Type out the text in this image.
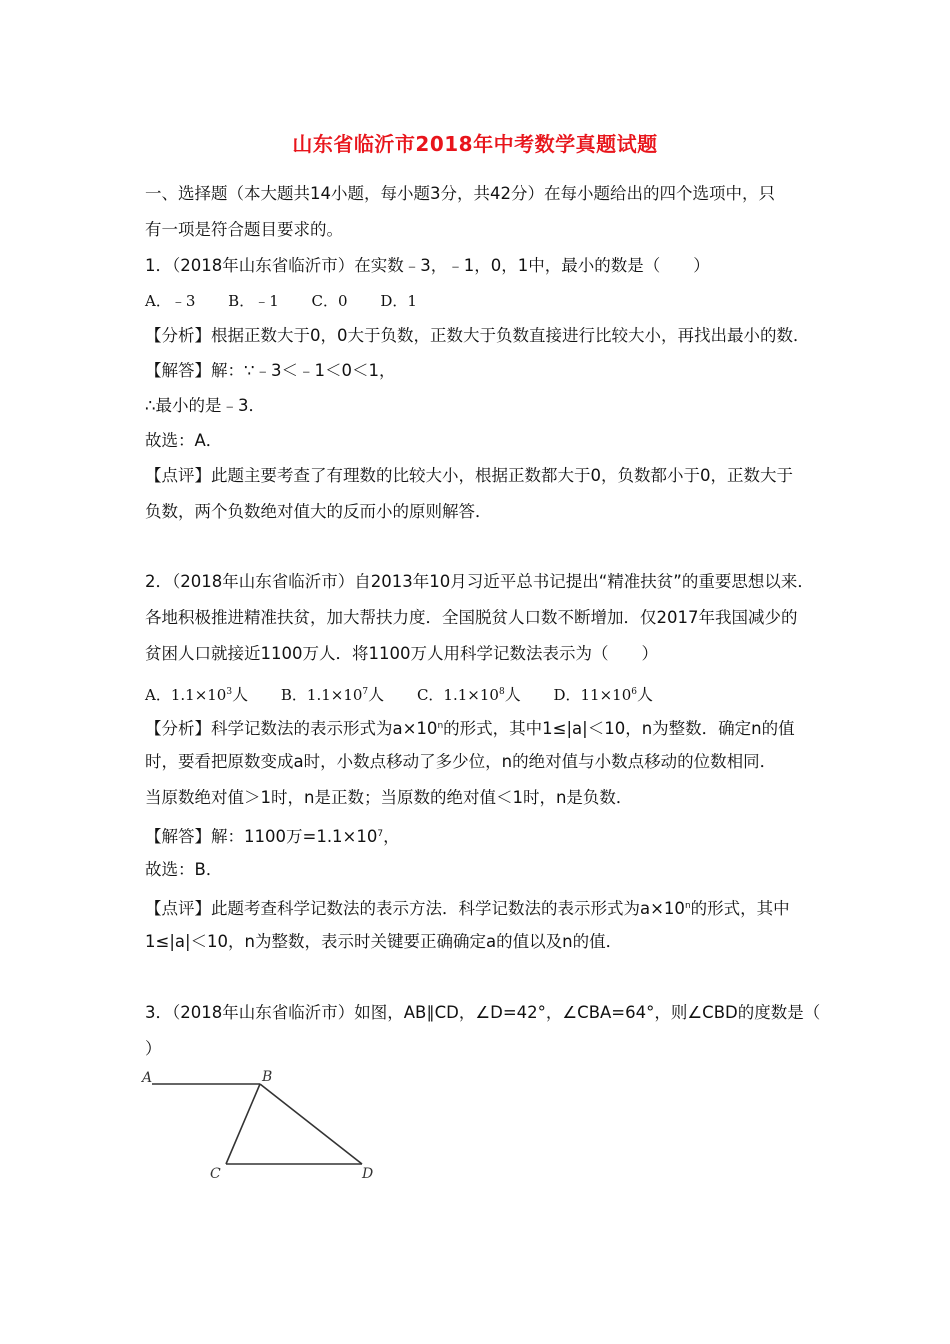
山东省临沂市2018年中考数学真题试题
一、选择题（本大题共14小题，每小题3分，共42分）在每小题给出的四个选项中，只
有一项是符合题目要求的。
1．（2018年山东省临沂市）在实数﹣3，﹣1，0，1中，最小的数是（　　）
A．﹣3 B．﹣1 C．0 D．1
【分析】根据正数大于0，0大于负数，正数大于负数直接进行比较大小，再找出最小的数．
【解答】解：∵﹣3＜﹣1＜0＜1，
∴最小的是﹣3．
故选：A．
【点评】此题主要考查了有理数的比较大小，根据正数都大于0，负数都小于0，正数大于
负数，两个负数绝对值大的反而小的原则解答．
2．（2018年山东省临沂市）自2013年10月习近平总书记提出“精准扶贫”的重要思想以来．
各地积极推进精准扶贫，加大帮扶力度．全国脱贫人口数不断增加．仅2017年我国减少的
贫困人口就接近1100万人．将1100万人用科学记数法表示为（　　）
A．$1.1\times 10^3$人 B．$1.1\times 10^7$人 C．$1.1\times 10^8$人 D．$11\times 10^6$人
【分析】科学记数法的表示形式为$a\times 10^n$的形式，其中1≤|a|＜10，n为整数．确定n的值
时，要看把原数变成a时，小数点移动了多少位，n的绝对值与小数点移动的位数相同．
当原数绝对值＞1时，n是正数；当原数的绝对值＜1时，n是负数．
【解答】解：1100万$=1.1\times 10^7$，
故选：B．
【点评】此题考查科学记数法的表示方法．科学记数法的表示形式为$a\times 10^n$的形式，其中
1≤|a|＜10，n为整数，表示时关键要正确确定a的值以及n的值．
3．（2018年山东省临沂市）如图，AB∥CD，∠D=42°，∠CBA=64°，则∠CBD的度数是（
）
A	B
C	D
